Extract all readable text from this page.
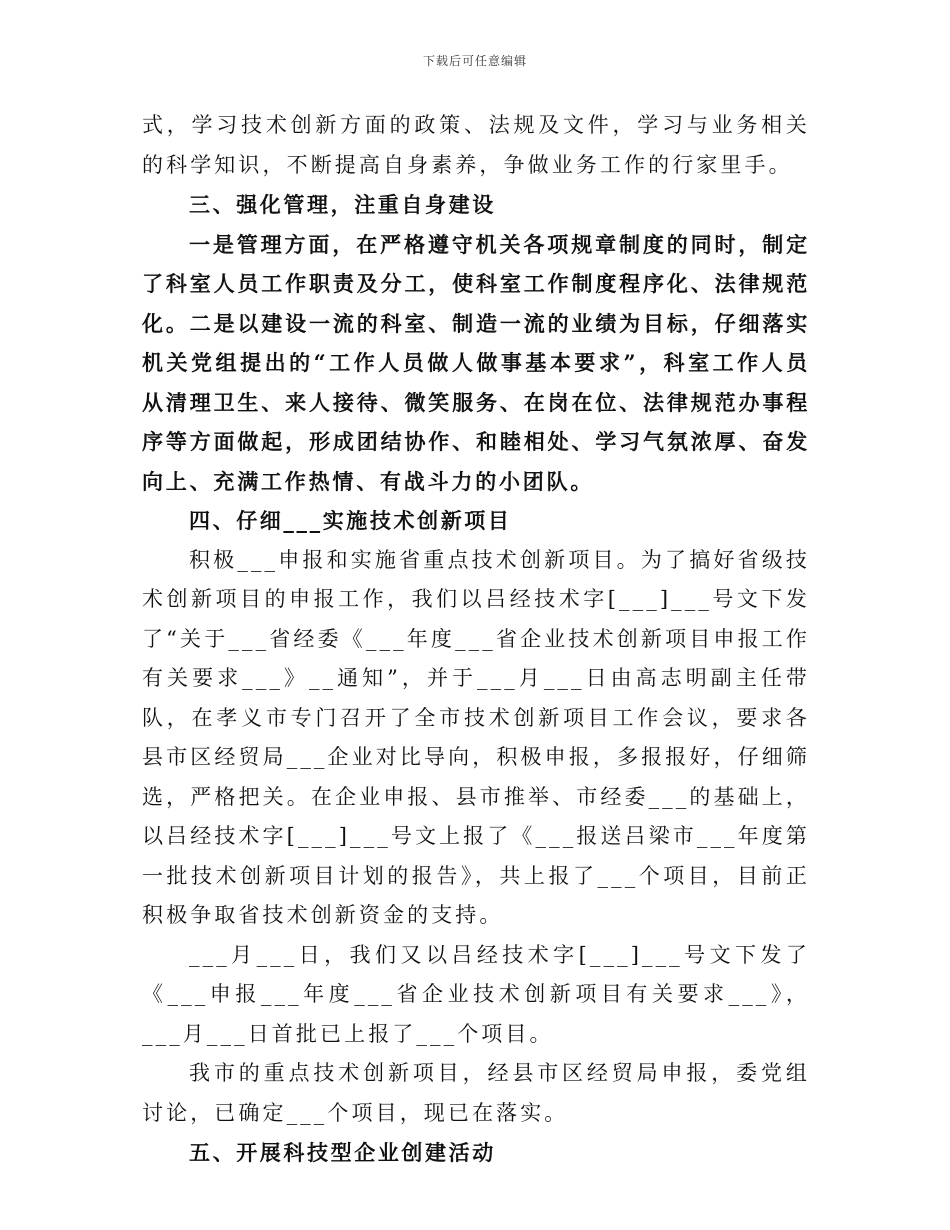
下载后可任意编辑

式，学习技术创新方面的政策、法规及文件，学习与业务相关的科学知识，不断提高自身素养，争做业务工作的行家里手。

三、强化管理，注重自身建设

一是管理方面，在严格遵守机关各项规章制度的同时，制定了科室人员工作职责及分工，使科室工作制度程序化、法律规范化。二是以建设一流的科室、制造一流的业绩为目标，仔细落实机关党组提出的“工作人员做人做事基本要求”，科室工作人员从清理卫生、来人接待、微笑服务、在岗在位、法律规范办事程序等方面做起，形成团结协作、和睦相处、学习气氛浓厚、奋发向上、充满工作热情、有战斗力的小团队。

四、仔细___实施技术创新项目

积极___申报和实施省重点技术创新项目。为了搞好省级技术创新项目的申报工作，我们以吕经技术字[___]___号文下发了“关于___省经委《___年度___省企业技术创新项目申报工作有关要求___》__通知”，并于___月___日由高志明副主任带队，在孝义市专门召开了全市技术创新项目工作会议，要求各县市区经贸局___企业对比导向，积极申报，多报报好，仔细筛选，严格把关。在企业申报、县市推举、市经委___的基础上，以吕经技术字[___]___号文上报了《___报送吕梁市___年度第一批技术创新项目计划的报告》，共上报了___个项目，目前正积极争取省技术创新资金的支持。

___月___日，我们又以吕经技术字[___]___号文下发了《___申报___年度___省企业技术创新项目有关要求___》，___月___日首批已上报了___个项目。

我市的重点技术创新项目，经县市区经贸局申报，委党组讨论，已确定___个项目，现已在落实。

五、开展科技型企业创建活动
